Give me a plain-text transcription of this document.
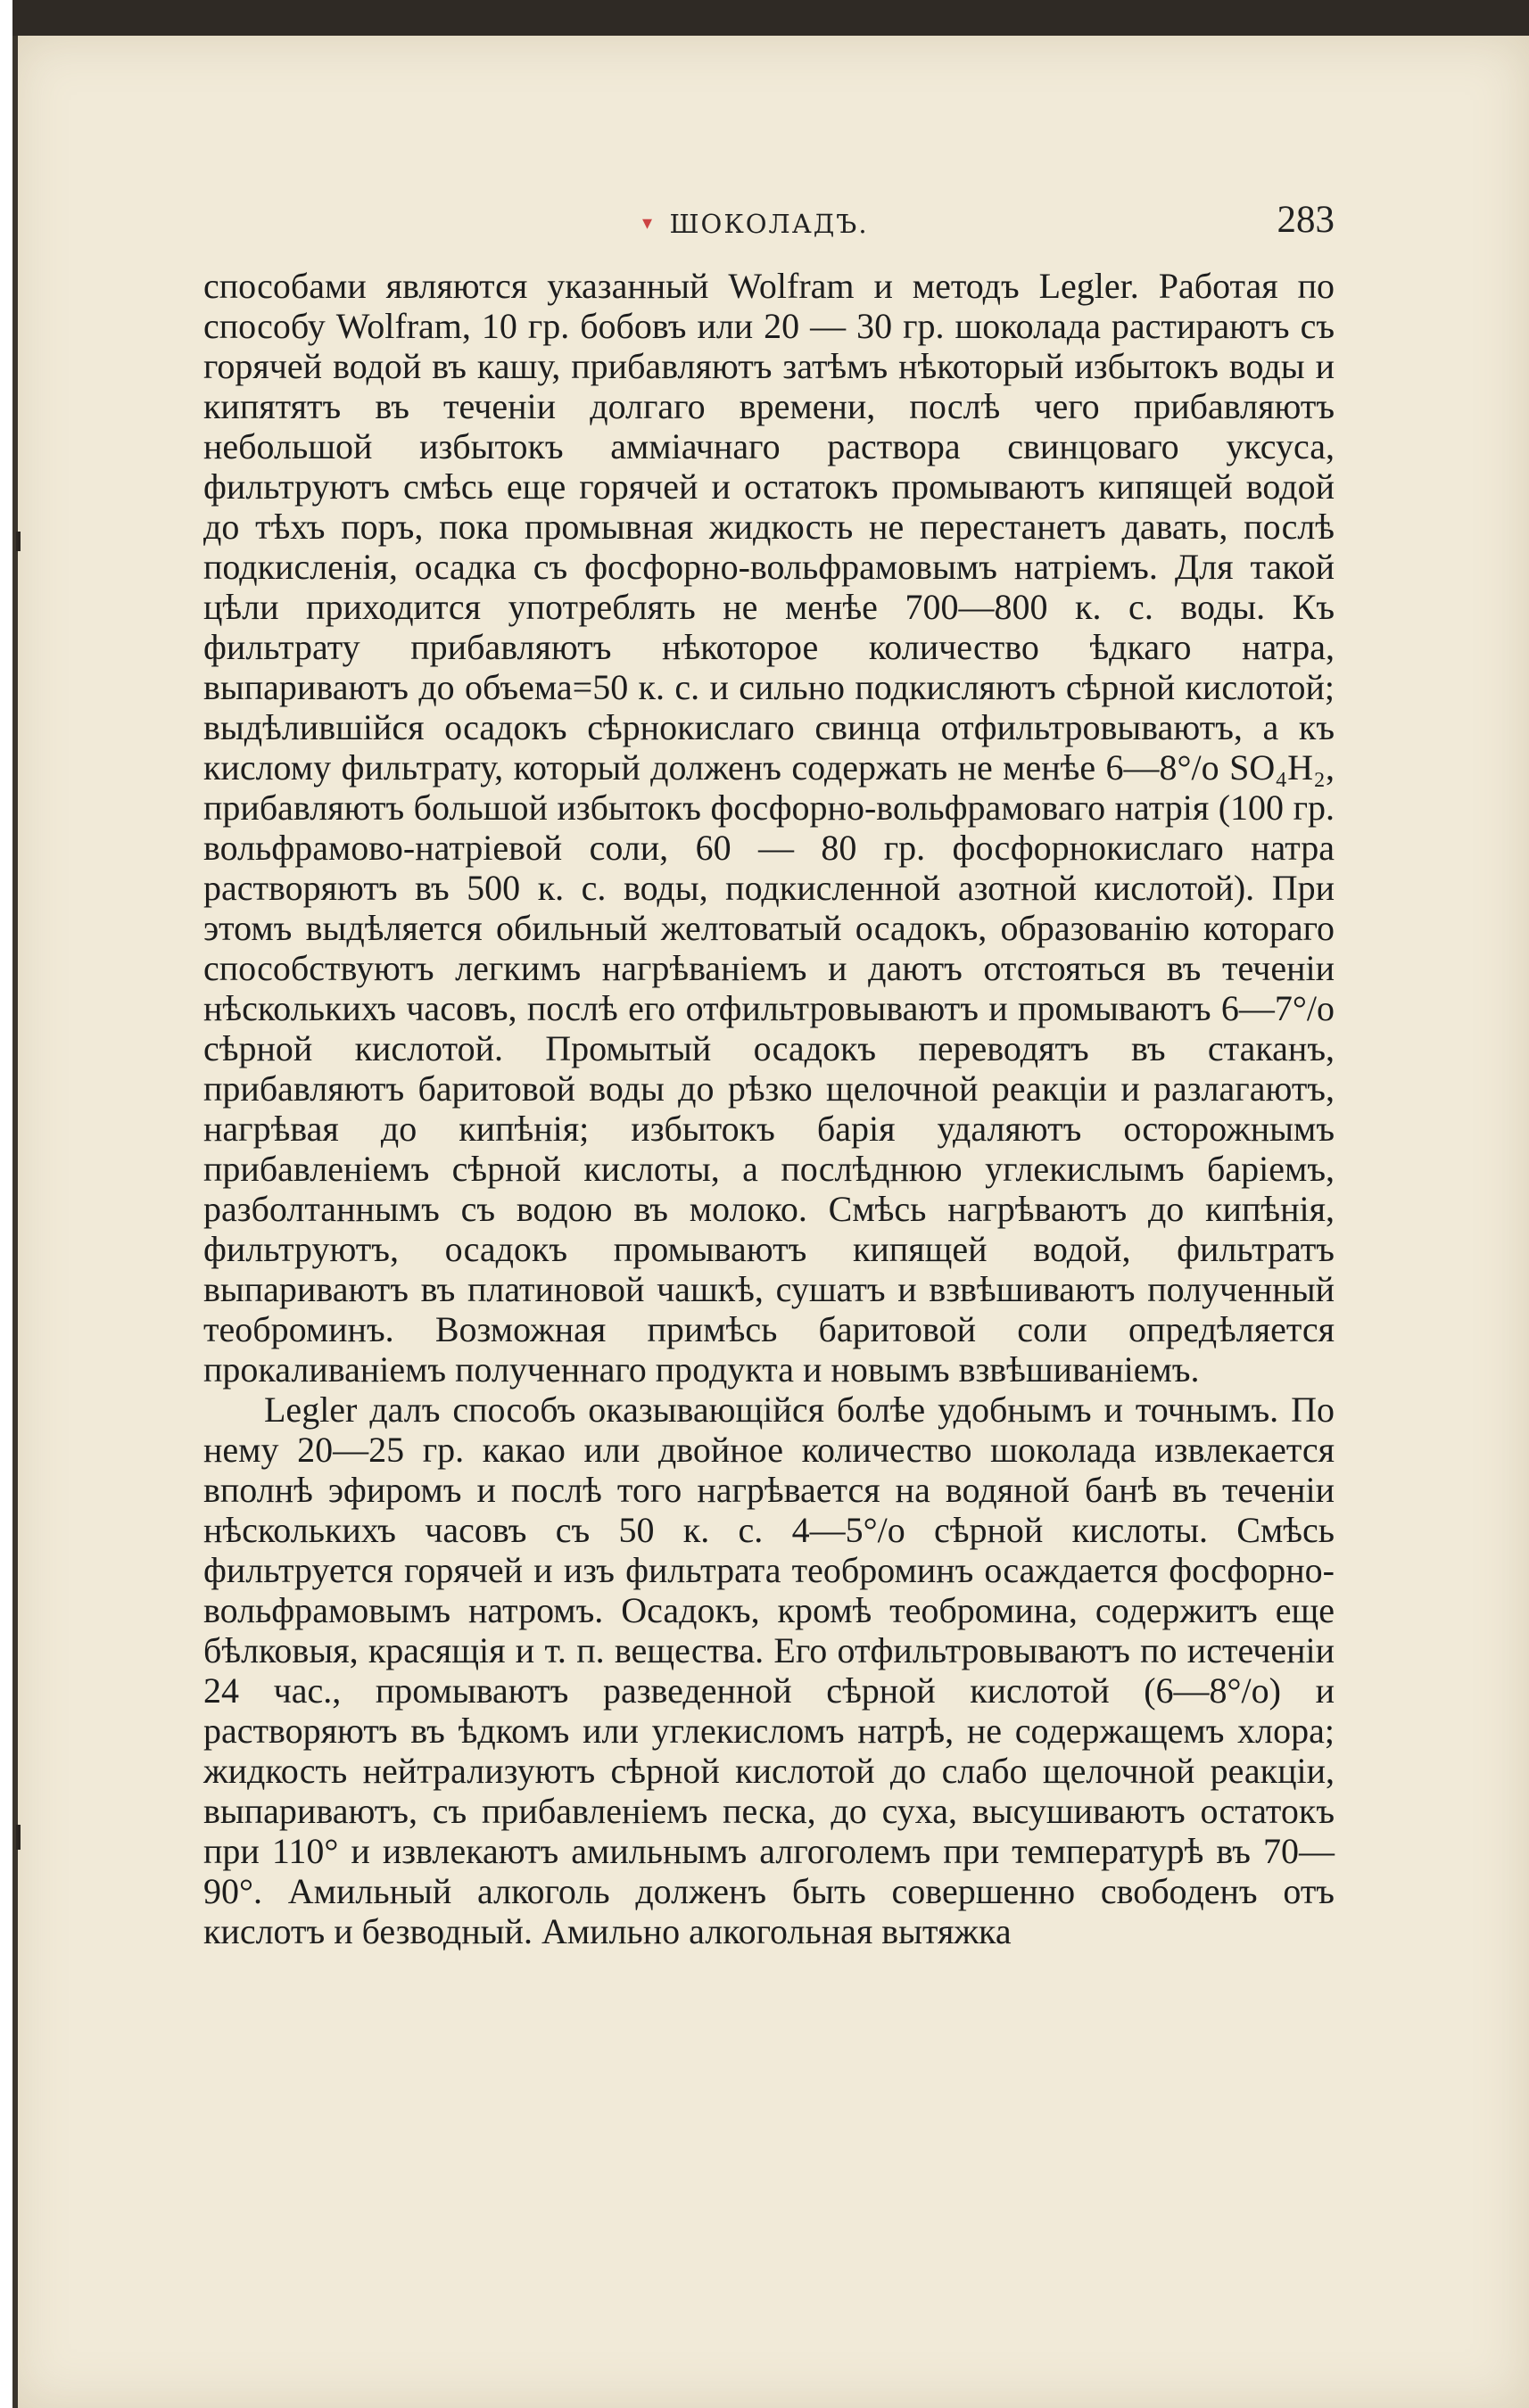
▾ ШОКОЛАДЪ.	283

способами являются указанный Wolfram и методъ Legler. Работая по способу Wolfram, 10 гр. бобовъ или 20 — 30 гр. шоколада растираютъ съ горячей водой въ кашу, прибавляютъ затѣмъ нѣкоторый избытокъ воды и кипятятъ въ теченіи долгаго времени, послѣ чего прибавляютъ небольшой избытокъ амміачнаго раствора свинцоваго уксуса, фильтруютъ смѣсь еще горячей и остатокъ промываютъ кипящей водой до тѣхъ поръ, пока промывная жидкость не перестанетъ давать, послѣ подкисленія, осадка съ фосфорно-вольфрамовымъ натріемъ. Для такой цѣли приходится употреблять не менѣе 700—800 к. с. воды. Къ фильтрату прибавляютъ нѣкоторое количество ѣдкаго натра, выпариваютъ до объема=50 к. с. и сильно подкисляютъ сѣрной кислотой; выдѣлившійся осадокъ сѣрнокислаго свинца отфильтровываютъ, а къ кислому фильтрату, который долженъ содержать не менѣе 6—8°/о SO₄H₂, прибавляютъ большой избытокъ фосфорно-вольфрамоваго натрія (100 гр. вольфрамово-натріевой соли, 60 — 80 гр. фосфорнокислаго натра растворяютъ въ 500 к. с. воды, подкисленной азотной кислотой). При этомъ выдѣляется обильный желтоватый осадокъ, образованію котораго способствуютъ легкимъ нагрѣваніемъ и даютъ отстояться въ теченіи нѣсколькихъ часовъ, послѣ его отфильтровываютъ и промываютъ 6—7°/о сѣрной кислотой. Промытый осадокъ переводятъ въ стаканъ, прибавляютъ баритовой воды до рѣзко щелочной реакціи и разлагаютъ, нагрѣвая до кипѣнія; избытокъ барія удаляютъ осторожнымъ прибавленіемъ сѣрной кислоты, а послѣднюю углекислымъ баріемъ, разболтаннымъ съ водою въ молоко. Смѣсь нагрѣваютъ до кипѣнія, фильтруютъ, осадокъ промываютъ кипящей водой, фильтратъ выпариваютъ въ платиновой чашкѣ, сушатъ и взвѣшиваютъ полученный теоброминъ. Возможная примѣсь баритовой соли опредѣляется прокаливаніемъ полученнаго продукта и новымъ взвѣшиваніемъ.

Legler далъ способъ оказывающійся болѣе удобнымъ и точнымъ. По нему 20—25 гр. какао или двойное количество шоколада извлекается вполнѣ эфиромъ и послѣ того нагрѣвается на водяной банѣ въ теченіи нѣсколькихъ часовъ съ 50 к. с. 4—5°/о сѣрной кислоты. Смѣсь фильтруется горячей и изъ фильтрата теоброминъ осаждается фосфорно-вольфрамовымъ натромъ. Осадокъ, кромѣ теобромина, содержитъ еще бѣлковыя, красящія и т. п. вещества. Его отфильтровываютъ по истеченіи 24 час., промываютъ разведенной сѣрной кислотой (6—8°/о) и растворяютъ въ ѣдкомъ или углекисломъ натрѣ, не содержащемъ хлора; жидкость нейтрализуютъ сѣрной кислотой до слабо щелочной реакціи, выпариваютъ, съ прибавленіемъ песка, до суха, высушиваютъ остатокъ при 110° и извлекаютъ амильнымъ алгоголемъ при температурѣ въ 70—90°. Амильный алкоголь долженъ быть совершенно свободенъ отъ кислотъ и безводный. Амильно алкогольная вытяжка
